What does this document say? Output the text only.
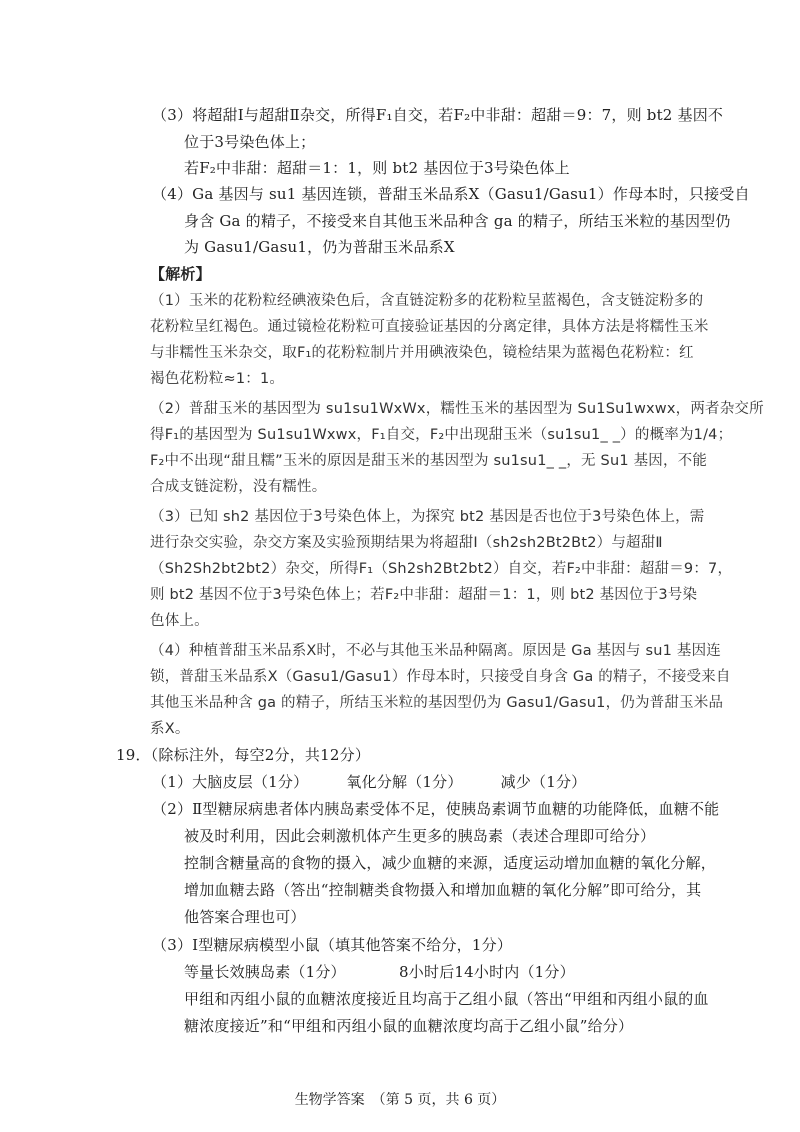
（3）将超甜Ⅰ与超甜Ⅱ杂交，所得F₁自交，若F₂中非甜：超甜＝9：7，则 bt2 基因不
位于3号染色体上；
若F₂中非甜：超甜＝1：1，则 bt2 基因位于3号染色体上
（4）Ga 基因与 su1 基因连锁，普甜玉米品系X（Gasu1/Gasu1）作母本时，只接受自
身含 Ga 的精子，不接受来自其他玉米品种含 ga 的精子，所结玉米粒的基因型仍
为 Gasu1/Gasu1，仍为普甜玉米品系X
【解析】
（1）玉米的花粉粒经碘液染色后，含直链淀粉多的花粉粒呈蓝褐色，含支链淀粉多的
花粉粒呈红褐色。通过镜检花粉粒可直接验证基因的分离定律，具体方法是将糯性玉米
与非糯性玉米杂交，取F₁的花粉粒制片并用碘液染色，镜检结果为蓝褐色花粉粒：红
褐色花粉粒≈1：1。
（2）普甜玉米的基因型为 su1su1WxWx，糯性玉米的基因型为 Su1Su1wxwx，两者杂交所
得F₁的基因型为 Su1su1Wxwx，F₁自交，F₂中出现甜玉米（su1su1_ _）的概率为1/4；
F₂中不出现“甜且糯”玉米的原因是甜玉米的基因型为 su1su1_ _，无 Su1 基因，不能
合成支链淀粉，没有糯性。
（3）已知 sh2 基因位于3号染色体上，为探究 bt2 基因是否也位于3号染色体上，需
进行杂交实验，杂交方案及实验预期结果为将超甜Ⅰ（sh2sh2Bt2Bt2）与超甜Ⅱ
（Sh2Sh2bt2bt2）杂交，所得F₁（Sh2sh2Bt2bt2）自交，若F₂中非甜：超甜＝9：7，
则 bt2 基因不位于3号染色体上；若F₂中非甜：超甜＝1：1，则 bt2 基因位于3号染
色体上。
（4）种植普甜玉米品系X时，不必与其他玉米品种隔离。原因是 Ga 基因与 su1 基因连
锁，普甜玉米品系X（Gasu1/Gasu1）作母本时，只接受自身含 Ga 的精子，不接受来自
其他玉米品种含 ga 的精子，所结玉米粒的基因型仍为 Gasu1/Gasu1，仍为普甜玉米品
系X。
19．（除标注外，每空2分，共12分）
（1）大脑皮层（1分）　　　氧化分解（1分）　　　减少（1分）
（2）Ⅱ型糖尿病患者体内胰岛素受体不足，使胰岛素调节血糖的功能降低，血糖不能
被及时利用，因此会刺激机体产生更多的胰岛素（表述合理即可给分）
控制含糖量高的食物的摄入，减少血糖的来源，适度运动增加血糖的氧化分解，
增加血糖去路（答出“控制糖类食物摄入和增加血糖的氧化分解”即可给分，其
他答案合理也可）
（3）Ⅰ型糖尿病模型小鼠（填其他答案不给分，1分）
等量长效胰岛素（1分）　　　　8小时后14小时内（1分）
甲组和丙组小鼠的血糖浓度接近且均高于乙组小鼠（答出“甲组和丙组小鼠的血
糖浓度接近”和“甲组和丙组小鼠的血糖浓度均高于乙组小鼠”给分）
生物学答案　（第 5 页，共 6 页）
